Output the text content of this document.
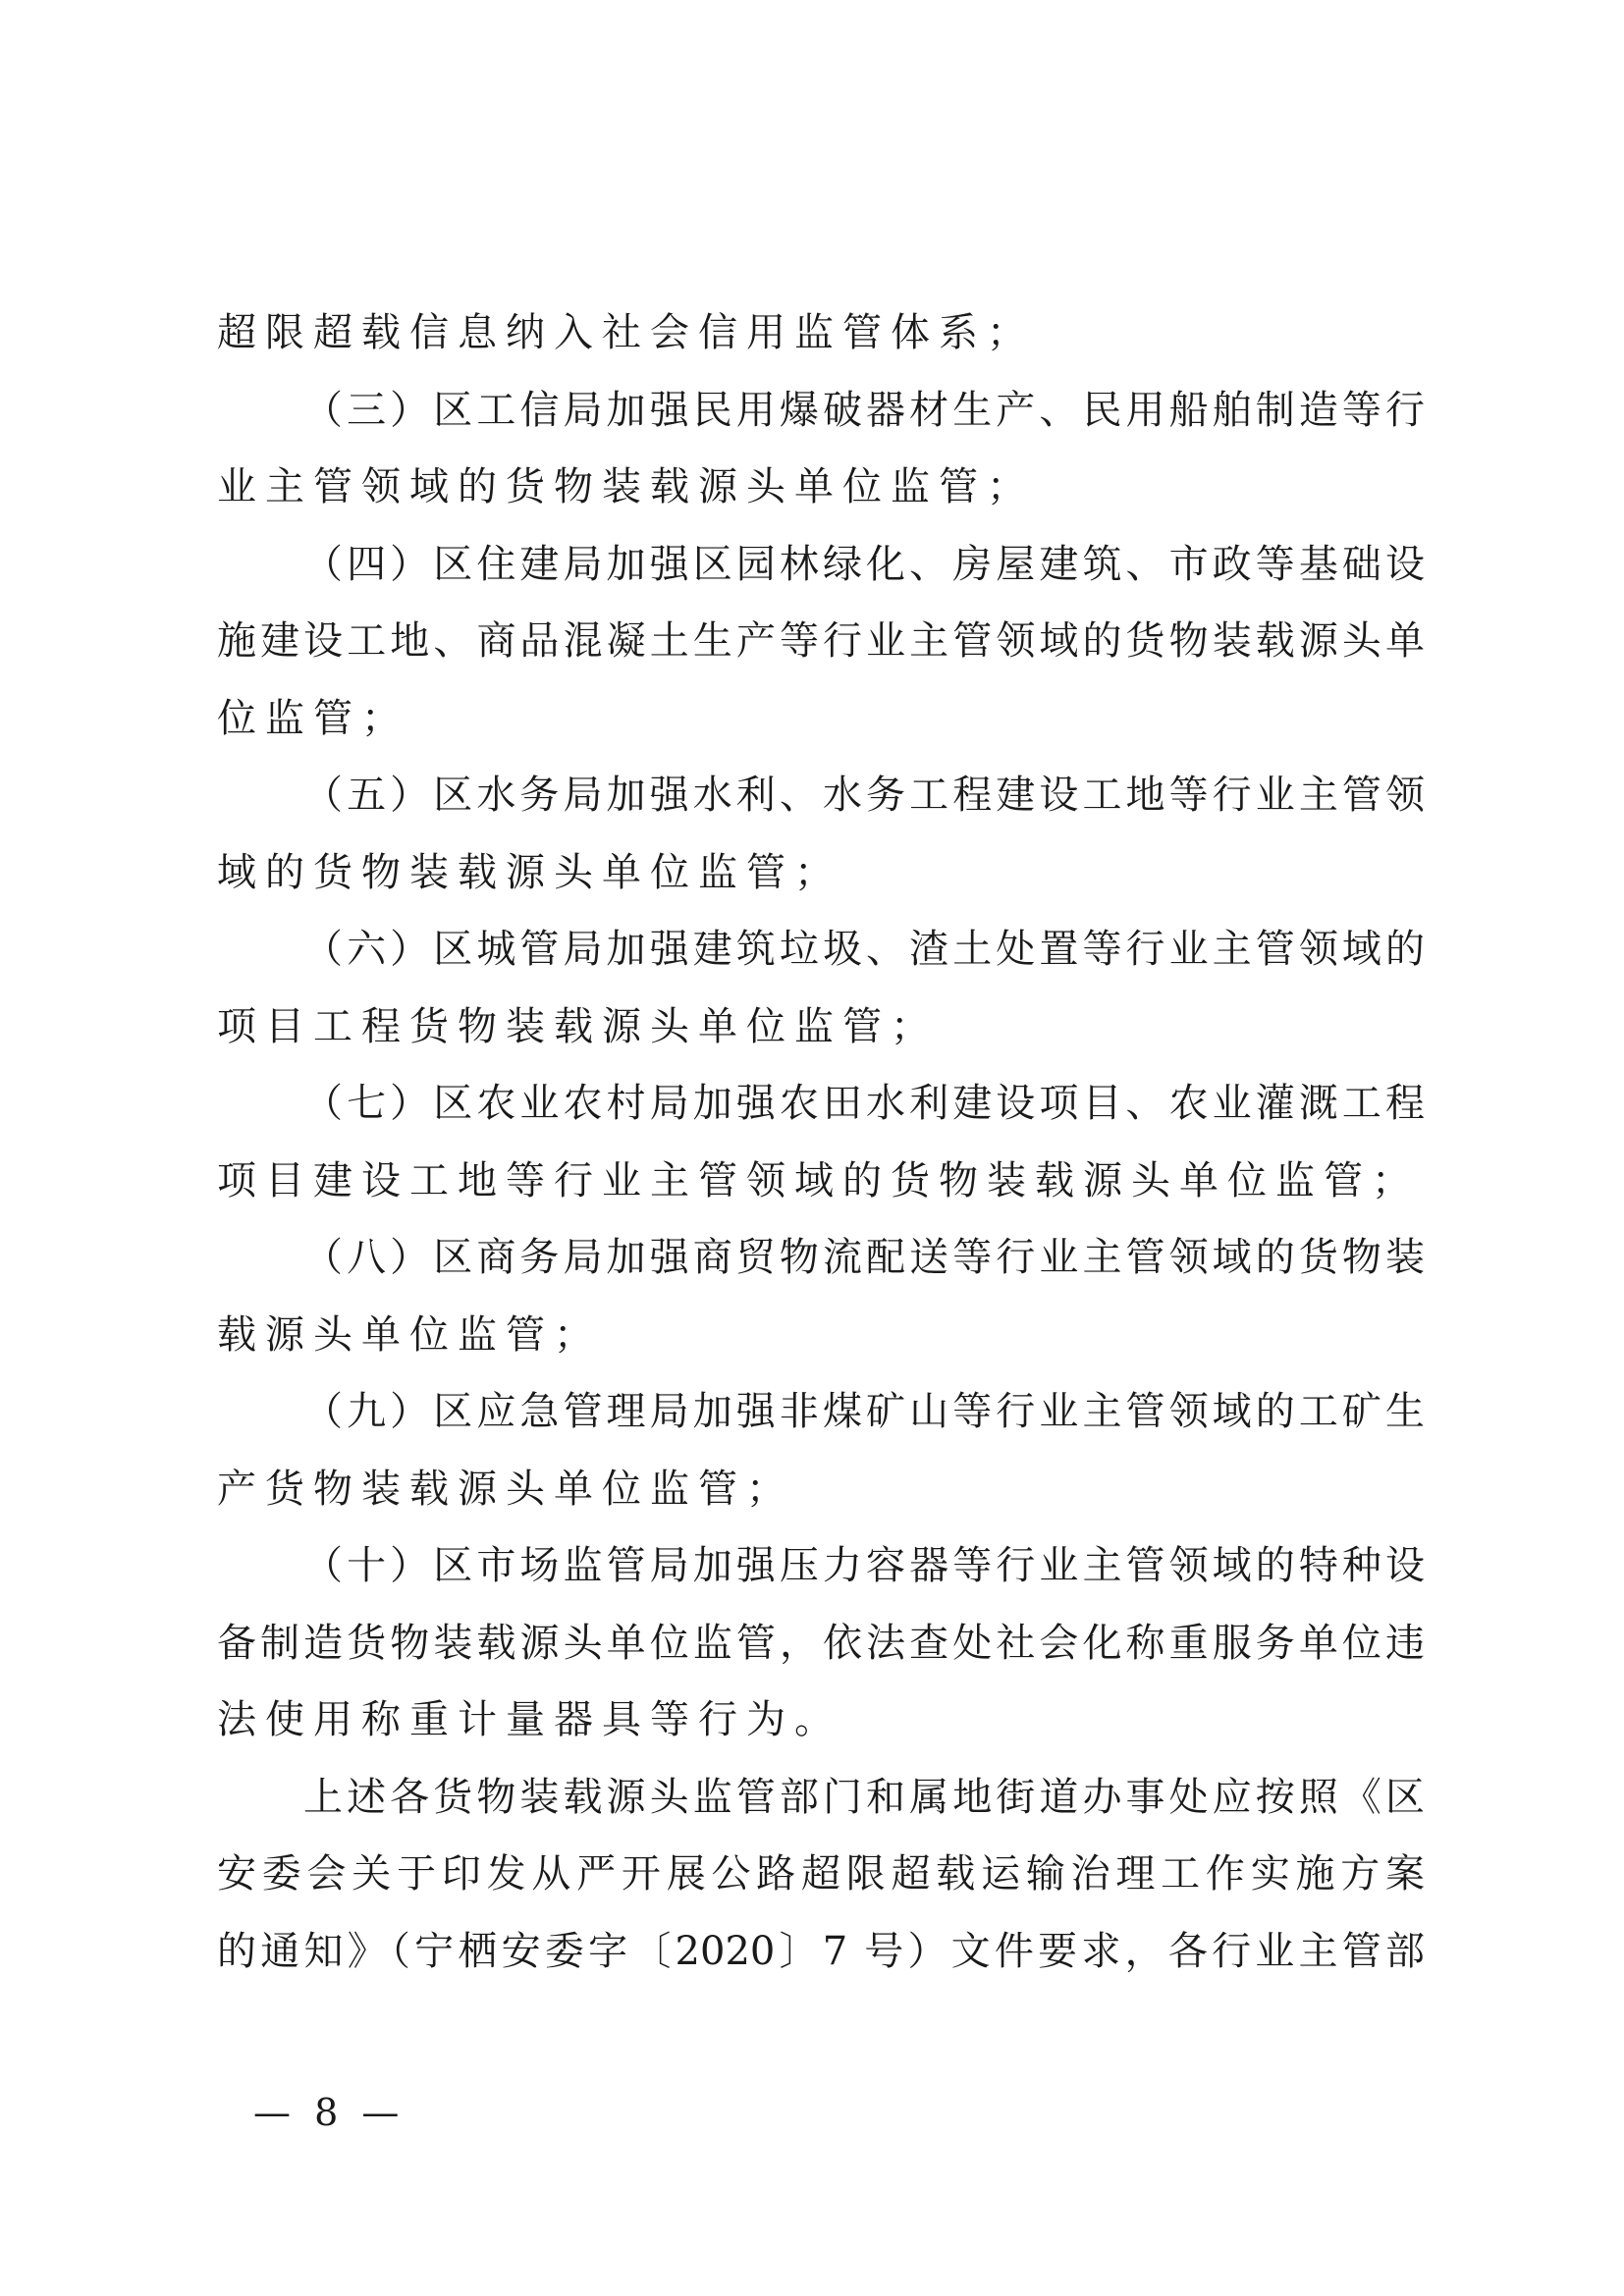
超限超载信息纳入社会信用监管体系；
（三）区工信局加强民用爆破器材生产、民用船舶制造等行
业主管领域的货物装载源头单位监管；
（四）区住建局加强区园林绿化、房屋建筑、市政等基础设
施建设工地、商品混凝土生产等行业主管领域的货物装载源头单
位监管；
（五）区水务局加强水利、水务工程建设工地等行业主管领
域的货物装载源头单位监管；
（六）区城管局加强建筑垃圾、渣土处置等行业主管领域的
项目工程货物装载源头单位监管；
（七）区农业农村局加强农田水利建设项目、农业灌溉工程
项目建设工地等行业主管领域的货物装载源头单位监管；
（八）区商务局加强商贸物流配送等行业主管领域的货物装
载源头单位监管；
（九）区应急管理局加强非煤矿山等行业主管领域的工矿生
产货物装载源头单位监管；
（十）区市场监管局加强压力容器等行业主管领域的特种设
备制造货物装载源头单位监管，依法查处社会化称重服务单位违
法使用称重计量器具等行为。
上述各货物装载源头监管部门和属地街道办事处应按照《区
安委会关于印发从严开展公路超限超载运输治理工作实施方案
的通知》（宁栖安委字〔2020〕7 号）文件要求，各行业主管部
— 8 —
